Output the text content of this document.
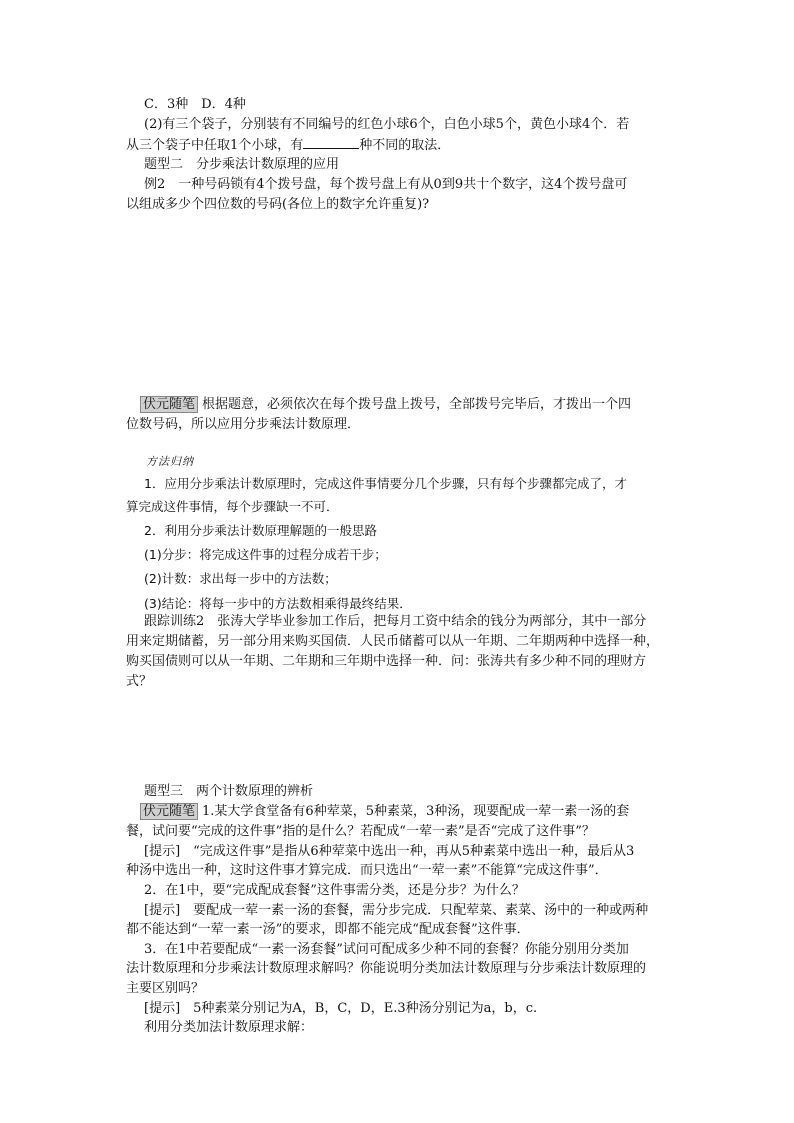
C．3种　D．4种
(2)有三个袋子，分别装有不同编号的红色小球6个，白色小球5个，黄色小球4个．若
从三个袋子中任取1个小球，有	种不同的取法．
题型二　分步乘法计数原理的应用
例2　一种号码锁有4个拨号盘，每个拨号盘上有从0到9共十个数字，这4个拨号盘可
以组成多少个四位数的号码(各位上的数字允许重复)?
伏元随笔 根据题意，必须依次在每个拨号盘上拨号，全部拨号完毕后，才拨出一个四
位数号码，所以应用分步乘法计数原理．
方法归纳
1．应用分步乘法计数原理时，完成这件事情要分几个步骤，只有每个步骤都完成了，才
算完成这件事情，每个步骤缺一不可．
2．利用分步乘法计数原理解题的一般思路
(1)分步：将完成这件事的过程分成若干步；
(2)计数：求出每一步中的方法数；
(3)结论：将每一步中的方法数相乘得最终结果．
跟踪训练2　张涛大学毕业参加工作后，把每月工资中结余的钱分为两部分，其中一部分
用来定期储蓄，另一部分用来购买国债．人民币储蓄可以从一年期、二年期两种中选择一种，
购买国债则可以从一年期、二年期和三年期中选择一种．问：张涛共有多少种不同的理财方
式？
题型三　两个计数原理的辨析
伏元随笔 1.某大学食堂备有6种荤菜，5种素菜，3种汤，现要配成一荤一素一汤的套
餐，试问要“完成的这件事”指的是什么？若配成“一荤一素”是否“完成了这件事”？
[提示]　“完成这件事”是指从6种荤菜中选出一种，再从5种素菜中选出一种，最后从3
种汤中选出一种，这时这件事才算完成．而只选出“一荤一素”不能算“完成这件事”．
2．在1中，要“完成配成套餐”这件事需分类，还是分步？为什么？
[提示]　要配成一荤一素一汤的套餐，需分步完成．只配荤菜、素菜、汤中的一种或两种
都不能达到“一荤一素一汤”的要求，即都不能完成“配成套餐”这件事．
3．在1中若要配成“一素一汤套餐”试问可配成多少种不同的套餐？你能分别用分类加
法计数原理和分步乘法计数原理求解吗？你能说明分类加法计数原理与分步乘法计数原理的
主要区别吗？
[提示]　5种素菜分别记为A，B，C，D，E.3种汤分别记为a，b，c.
利用分类加法计数原理求解：
